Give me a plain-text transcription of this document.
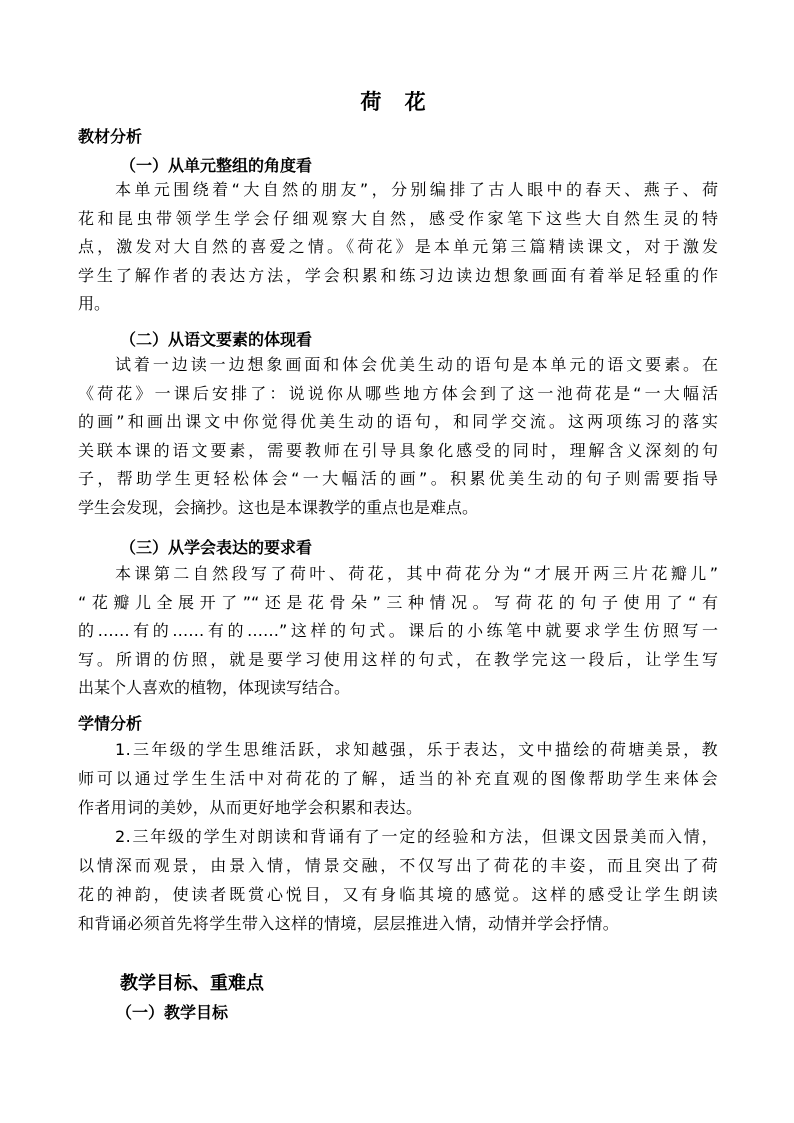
荷 花
教材分析
（一）从单元整组的角度看
本单元围绕着“大自然的朋友”，分别编排了古人眼中的春天、燕子、荷
花和昆虫带领学生学会仔细观察大自然，感受作家笔下这些大自然生灵的特
点，激发对大自然的喜爱之情。《荷花》是本单元第三篇精读课文，对于激发
学生了解作者的表达方法，学会积累和练习边读边想象画面有着举足轻重的作
用。
（二）从语文要素的体现看
试着一边读一边想象画面和体会优美生动的语句是本单元的语文要素。在
《荷花》一课后安排了：说说你从哪些地方体会到了这一池荷花是“一大幅活
的画”和画出课文中你觉得优美生动的语句，和同学交流。这两项练习的落实
关联本课的语文要素，需要教师在引导具象化感受的同时，理解含义深刻的句
子，帮助学生更轻松体会“一大幅活的画”。积累优美生动的句子则需要指导
学生会发现，会摘抄。这也是本课教学的重点也是难点。
（三）从学会表达的要求看
本课第二自然段写了荷叶、荷花，其中荷花分为“才展开两三片花瓣儿”
“花瓣儿全展开了”“还是花骨朵”三种情况。写荷花的句子使用了“有
的……有的……有的……”这样的句式。课后的小练笔中就要求学生仿照写一
写。所谓的仿照，就是要学习使用这样的句式，在教学完这一段后，让学生写
出某个人喜欢的植物，体现读写结合。
学情分析
1.三年级的学生思维活跃，求知越强，乐于表达，文中描绘的荷塘美景，教
师可以通过学生生活中对荷花的了解，适当的补充直观的图像帮助学生来体会
作者用词的美妙，从而更好地学会积累和表达。
2.三年级的学生对朗读和背诵有了一定的经验和方法，但课文因景美而入情，
以情深而观景，由景入情，情景交融，不仅写出了荷花的丰姿，而且突出了荷
花的神韵，使读者既赏心悦目，又有身临其境的感觉。这样的感受让学生朗读
和背诵必须首先将学生带入这样的情境，层层推进入情，动情并学会抒情。
教学目标、重难点
（一）教学目标
